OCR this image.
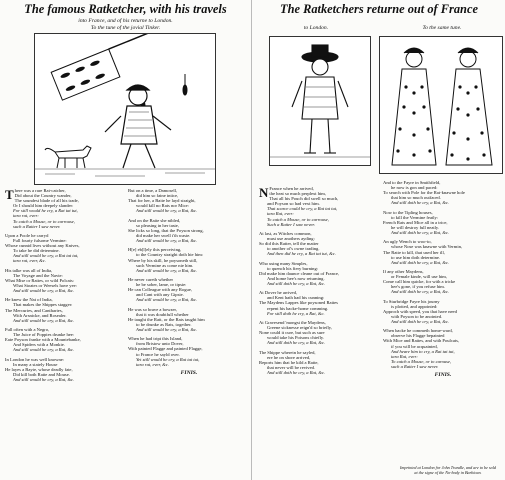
The famous Ratketcher, with his travels
into France, and of his returne to London.
To the tune of the jovial Tinker.
T here was a rare Rat-catcher,
Did about the Country wander,
The soundest blade of all his trade,
Or I should him deepely slander:
For still would he cry, a Rat tat tut,
tara rat, ever:
To catch a Mouse, or to carrouse,
such a Ratter I saw never.
Upon a Poole he carryd
Full fourty fulsome Vermine:
Whose cunnid lives without any Knives,
To take he did determine.
And still would he cry, a Rat tat tut,
tara rat, ever, &c.
His talke was all of India,
The Voyage and the Navie:
What Mise or Rattes, or wild Polcats:
What Stoates or Weesels have yee:
And still would he cry, a Rat, &c.
He knew the Nat of India,
That makes the Shippes stagger:
The Mercuries, and Cantharies,
With Arsnicke, and Rosealer.
And still would he cry, a Rat, &c.
Full often with a Negro,
The Juice of Poppies drunke hee:
Eate Poyson franke with a Mountebanke,
And Spiders with a Monkie.
And still would he cry, a Rat, &c.
In London he was well knowne:
In many a stately House
He layes a Bayte, whose deadly fate,
Did kill both Ratte and Mouse.
And still would he cry, a Rat, &c.
But on a time, a Damosell,
did him so faine intice,
That for her, a Baite he layd straight,
would kill no Rats nor Mice:
And still would he cry, a Rat, &c.
And on the Baite she nibled,
so pleasing in her taste,
She licks so long, that the Poyson strong,
did make her swell i'th waste.
And still would he cry, a Rat, &c.
H[e] eb[l]ely this perceiving,
to the Country straight doth hie him:
Where by his skill, he poysoneth still,
such Vermine as come nie him.
And still would he cry, a Rat, &c.
He never careth whether
he be sober, lame, or tipsie:
He can Colleague with any Rogue,
and Cant with any Gipsie.
And still would he cry, a Rat, &c.
He was so brave a bowzer,
that it was doubtfull whether
He taught the Ratt, or the Rats taught him
to be drunke as Rats, together.
And still would he cry, a Rat, &c.
When he had tript this Island,
from Bristow unto Dover,
With painted Flagge and painted Flagge,
to France he sayld over.
Yet still would he cry, a Rat tat tut,
tara rat, ever, &c.
FINIS.
The Ratketchers returne out of France
to London.	To the same tune.
N France when he arrived,
the heat so much perplext him,
That all his Pouch did swell so much,
and Poyson so had vext him.
That scarce could he cry, a Rat tat tut,
tara Rat, ever:
To catch a Mouse, or to carrouse,
Such a Ratter I saw never.
At last, as Witches common,
must use anothers ayding:
So did this Ratter, tell the matter
to another of's owne trading.
And then did he cry, a Rat tat tut, &c.
Who using many Simples,
to quench his fiery burning:
Did make him daunce cleane out of France,
And home hee's now returning.
And still doth he cry, a Rat, &c.
At Dover he arrived,
and Kent hath had his cunning:
The Maydens Lappes like poysoned Rattes
repent his backe-home comming.
For still doth he cry, a Rat, &c.
At Gravesend 'mongst the Maydens,
Greene sicknesse reign'd so briefly,
None could it cure, but such as sure
would take his Poisons chiefly.
And still doth he cry, a Rat, &c.
The Shippe wherein he sayled,
ere he on shore arrived,
Reports him that he kild a Ratte,
that never will be revived.
And still doth he cry, a Rat, &c.
And to the Fayre in Smithfield,
he now is gon and paced:
To search with Pole for the Rat-knawne hole
that him so much outfaced.
And still doth he cry, a Rat, &c.
Now to the Tipling houses,
to kill the Vermine featly:
French Rats and Mice all in a trice,
he will destroy full neatly.
And still doth he cry, a Rat, &c.
An ugly Wench to woo-to,
whose Nose was knawne with Vermin,
The Ratte to kill, that used her ill,
to use him doth determine.
And still doth he cry, a Rat, &c.
If any other Maydens,
or Female kinde, will use him,
Come call him quicke, for with a tricke
hee's gone, if you refuse him.
And still doth he cry, a Rat, &c.
To Sturbridge Fayre his journy
is plotted, and appointed:
Approch with speed, you that have need
with Poyson to be anointed.
And still doth he cry, a Rat, &c.
When backe he commeth home-ward,
observe his Flagge bepainted
With Mice and Rattes, and with Poulcats,
if you will be acquainted,
And heare him to cry, a Rat tat tut,
tara Rat, ever:
To catch a Mouse, or to carouse,
such a Ratter I saw never.
FINIS.
Imprinted at London for John Trundle, and are to be sold
at the signe of the No-body in Barbican.
